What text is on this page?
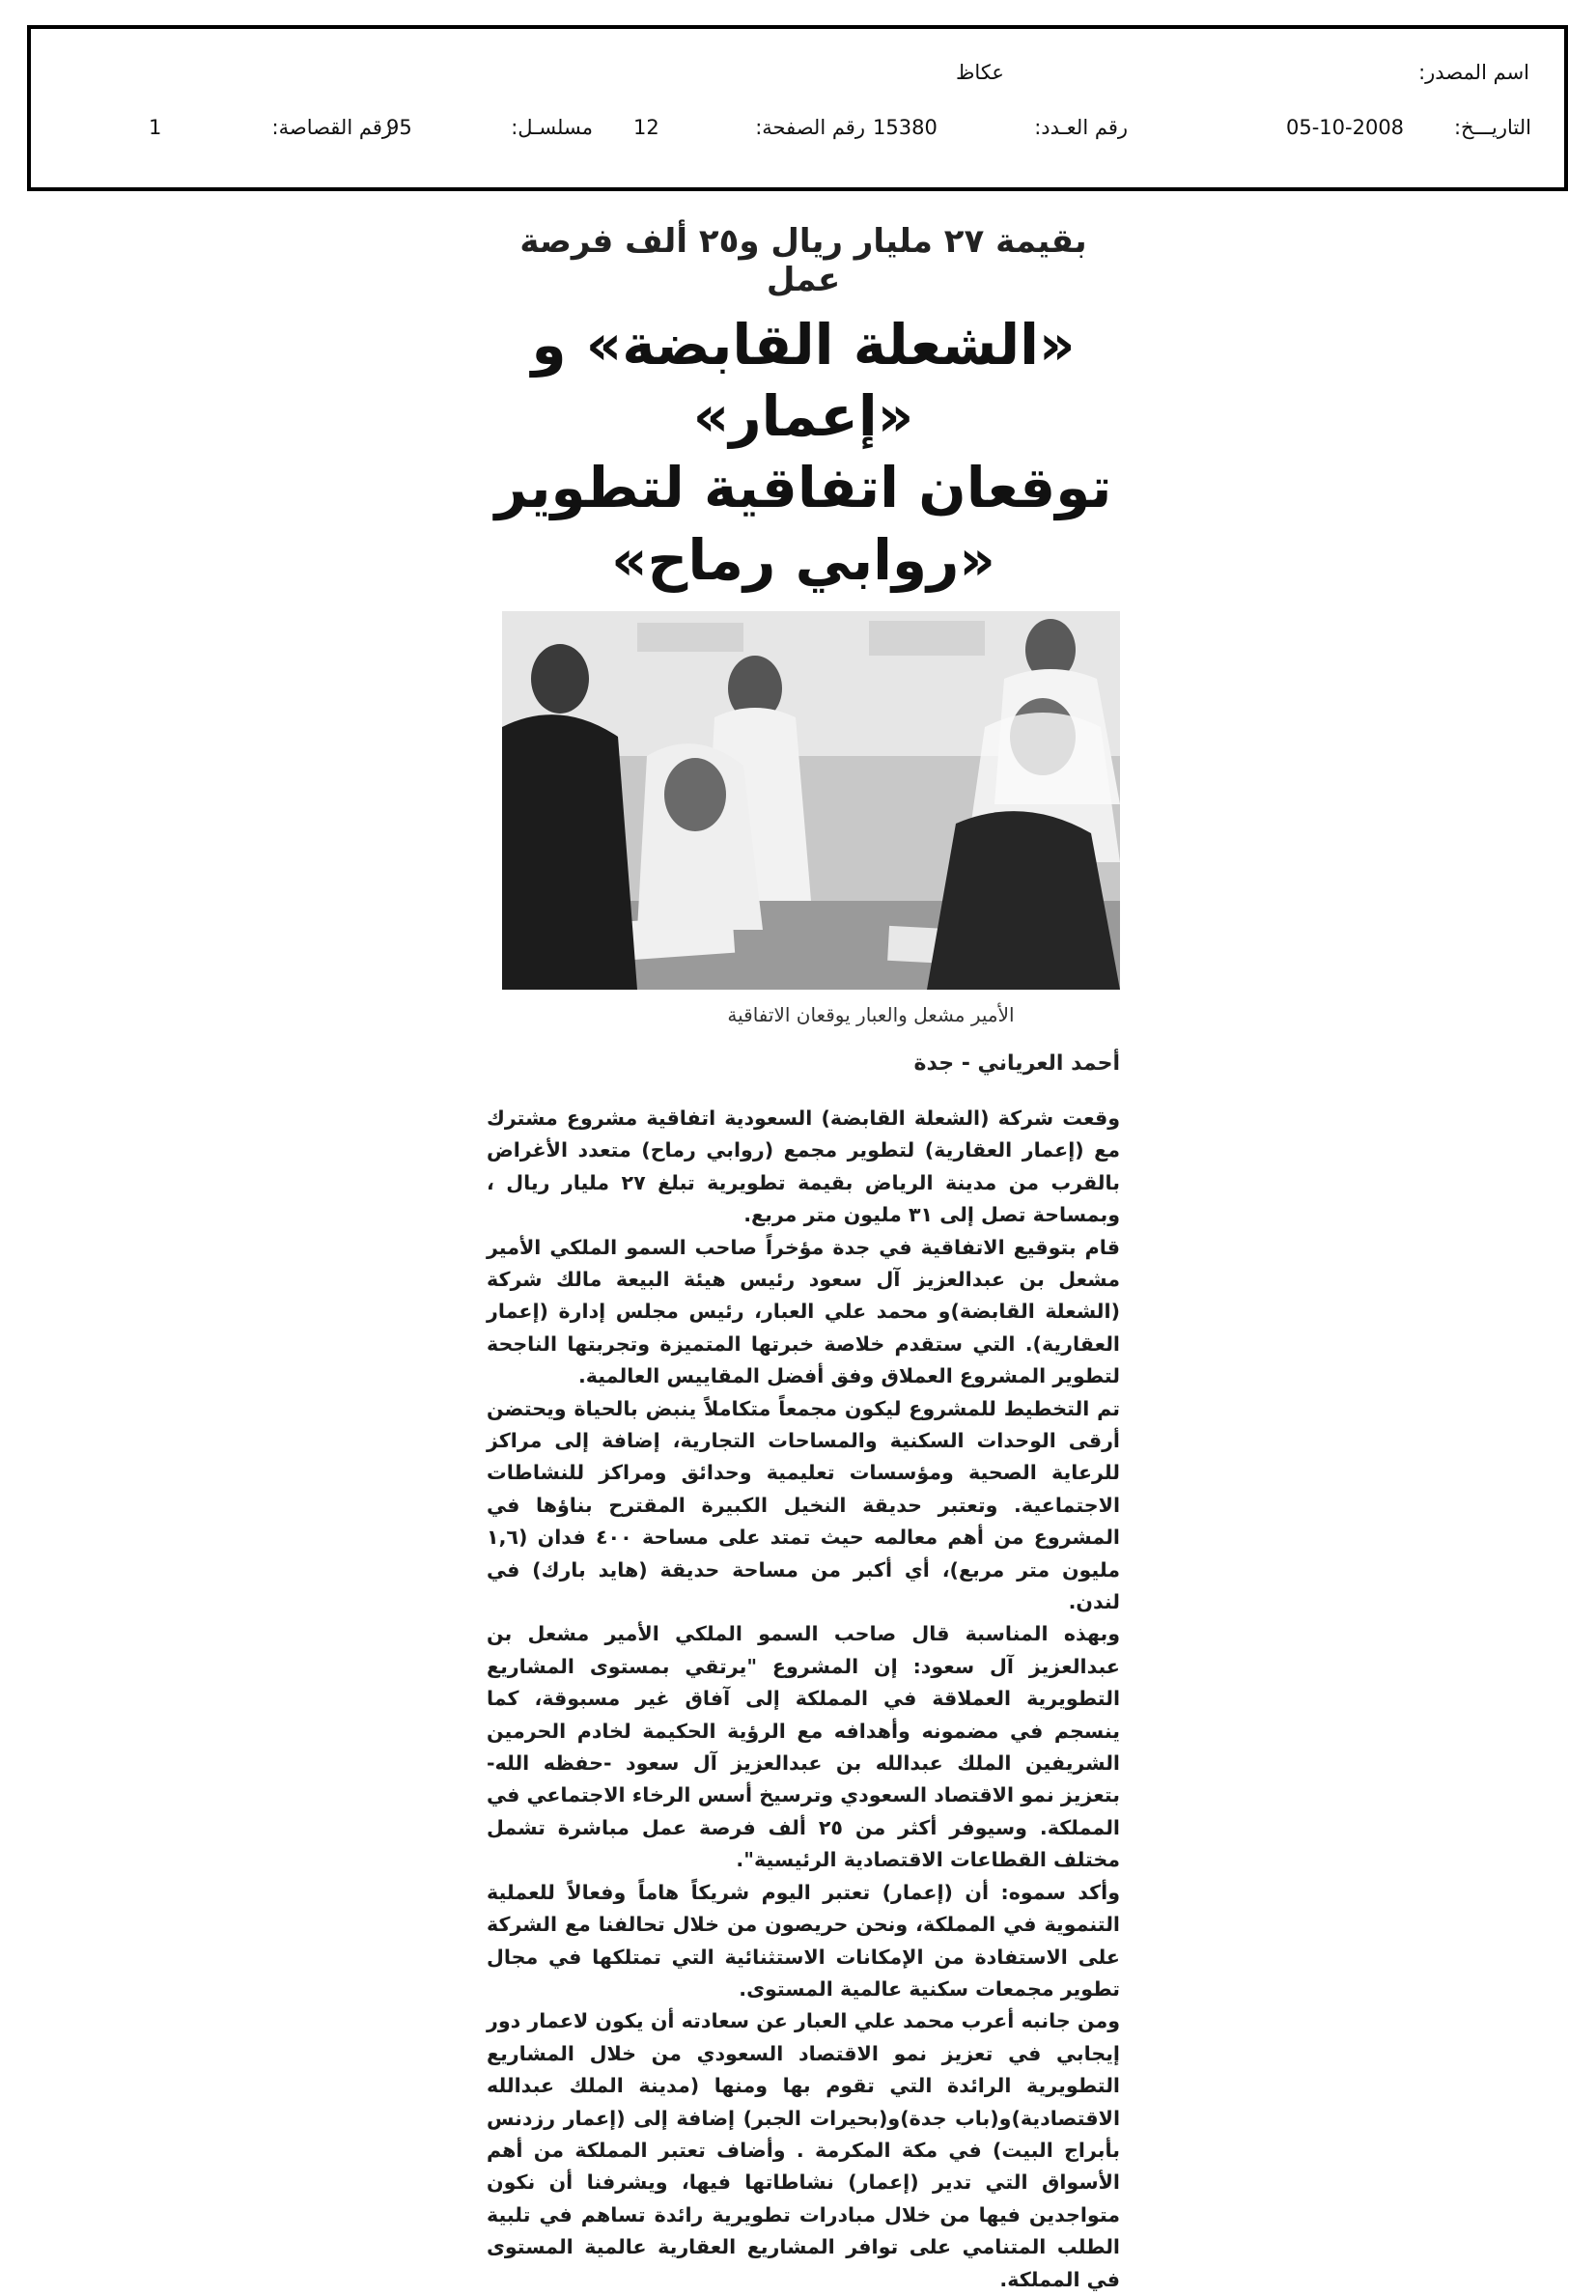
اسم المصدر:
عكاظ
التاريـــخ:
05-10-2008
رقم العـدد:
15380
رقم الصفحة:
12
مسلسـل:
95
رقم القصاصة:
1
بقيمة ٢٧ مليار ريال و٢٥ ألف فرصة عمل
«الشعلة القابضة» و «إعمار»
توقعان اتفاقية لتطوير «روابي رماح»
الأمير مشعل والعبار يوقعان الاتفاقية
أحمد العرياني - جدة

وقعت شركة (الشعلة القابضة) السعودية اتفاقية مشروع مشترك مع (إعمار العقارية) لتطوير مجمع (روابي رماح) متعدد الأغراض بالقرب من مدينة الرياض بقيمة تطويرية تبلغ ٢٧ مليار ريال ، وبمساحة تصل إلى ٣١ مليون متر مربع.

قام بتوقيع الاتفاقية في جدة مؤخراً صاحب السمو الملكي الأمير مشعل بن عبدالعزيز آل سعود رئيس هيئة البيعة مالك شركة (الشعلة القابضة)و محمد علي العبار، رئيس مجلس إدارة (إعمار العقارية). التي ستقدم خلاصة خبرتها المتميزة وتجربتها الناجحة لتطوير المشروع العملاق وفق أفضل المقاييس العالمية.

تم التخطيط للمشروع ليكون مجمعاً متكاملاً ينبض بالحياة ويحتضن أرقى الوحدات السكنية والمساحات التجارية، إضافة إلى مراكز للرعاية الصحية ومؤسسات تعليمية وحدائق ومراكز للنشاطات الاجتماعية. وتعتبر حديقة النخيل الكبيرة المقترح بناؤها في المشروع من أهم معالمه حيث تمتد على مساحة ٤٠٠ فدان (١,٦ مليون متر مربع)، أي أكبر من مساحة حديقة (هايد بارك) في لندن.

وبهذه المناسبة قال صاحب السمو الملكي الأمير مشعل بن عبدالعزيز آل سعود: إن المشروع "يرتقي بمستوى المشاريع التطويرية العملاقة في المملكة إلى آفاق غير مسبوقة، كما ينسجم في مضمونه وأهدافه مع الرؤية الحكيمة لخادم الحرمين الشريفين الملك عبدالله بن عبدالعزيز آل سعود -حفظه الله- بتعزيز نمو الاقتصاد السعودي وترسيخ أسس الرخاء الاجتماعي في المملكة. وسيوفر أكثر من ٢٥ ألف فرصة عمل مباشرة تشمل مختلف القطاعات الاقتصادية الرئيسية".

وأكد سموه: أن (إعمار) تعتبر اليوم شريكاً هاماً وفعالاً للعملية التنموية في المملكة، ونحن حريصون من خلال تحالفنا مع الشركة على الاستفادة من الإمكانات الاستثنائية التي تمتلكها في مجال تطوير مجمعات سكنية عالمية المستوى.

ومن جانبه أعرب محمد علي العبار عن سعادته أن يكون لاعمار دور إيجابي في تعزيز نمو الاقتصاد السعودي من خلال المشاريع التطويرية الرائدة التي تقوم بها ومنها (مدينة الملك عبدالله الاقتصادية)و(باب جدة)و(بحيرات الجبر) إضافة إلى (إعمار رزدنس بأبراج البيت) في مكة المكرمة . وأضاف تعتبر المملكة من أهم الأسواق التي تدير (إعمار) نشاطاتها فيها، ويشرفنا أن نكون متواجدين فيها من خلال مبادرات تطويرية رائدة تساهم في تلبية الطلب المتنامي على توافر المشاريع العقارية عالمية المستوى في المملكة.
